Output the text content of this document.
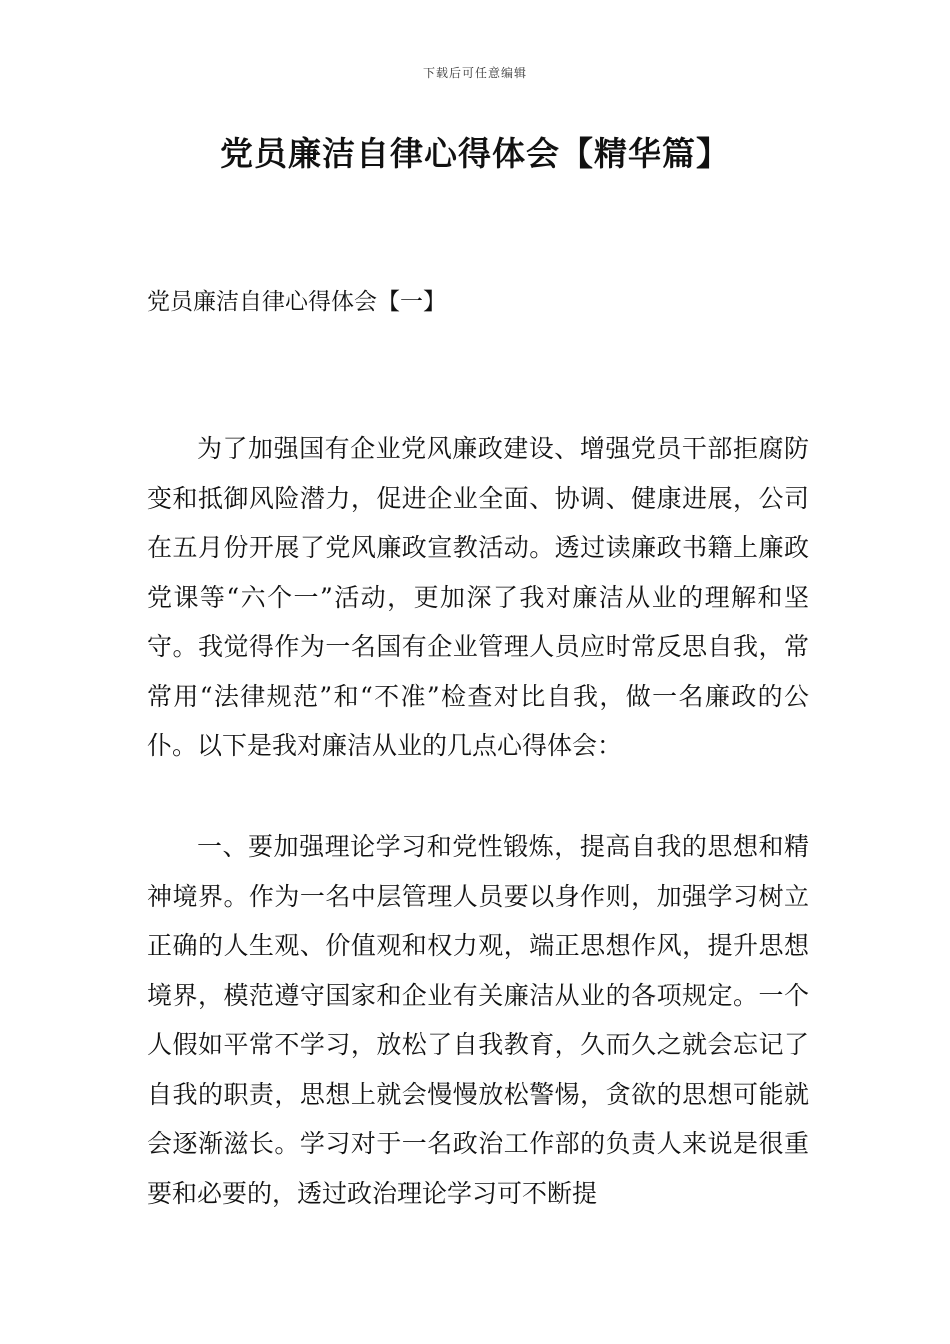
下载后可任意编辑
党员廉洁自律心得体会【精华篇】
党员廉洁自律心得体会【一】
为了加强国有企业党风廉政建设、增强党员干部拒腐防变和抵御风险潜力，促进企业全面、协调、健康进展，公司在五月份开展了党风廉政宣教活动。透过读廉政书籍上廉政党课等“六个一”活动，更加深了我对廉洁从业的理解和坚守。我觉得作为一名国有企业管理人员应时常反思自我，常常用“法律规范”和“不准”检查对比自我，做一名廉政的公仆。以下是我对廉洁从业的几点心得体会：
一、要加强理论学习和党性锻炼，提高自我的思想和精神境界。作为一名中层管理人员要以身作则，加强学习树立正确的人生观、价值观和权力观，端正思想作风，提升思想境界，模范遵守国家和企业有关廉洁从业的各项规定。一个人假如平常不学习，放松了自我教育，久而久之就会忘记了自我的职责，思想上就会慢慢放松警惕，贪欲的思想可能就会逐渐滋长。学习对于一名政治工作部的负责人来说是很重要和必要的，透过政治理论学习可不断提
